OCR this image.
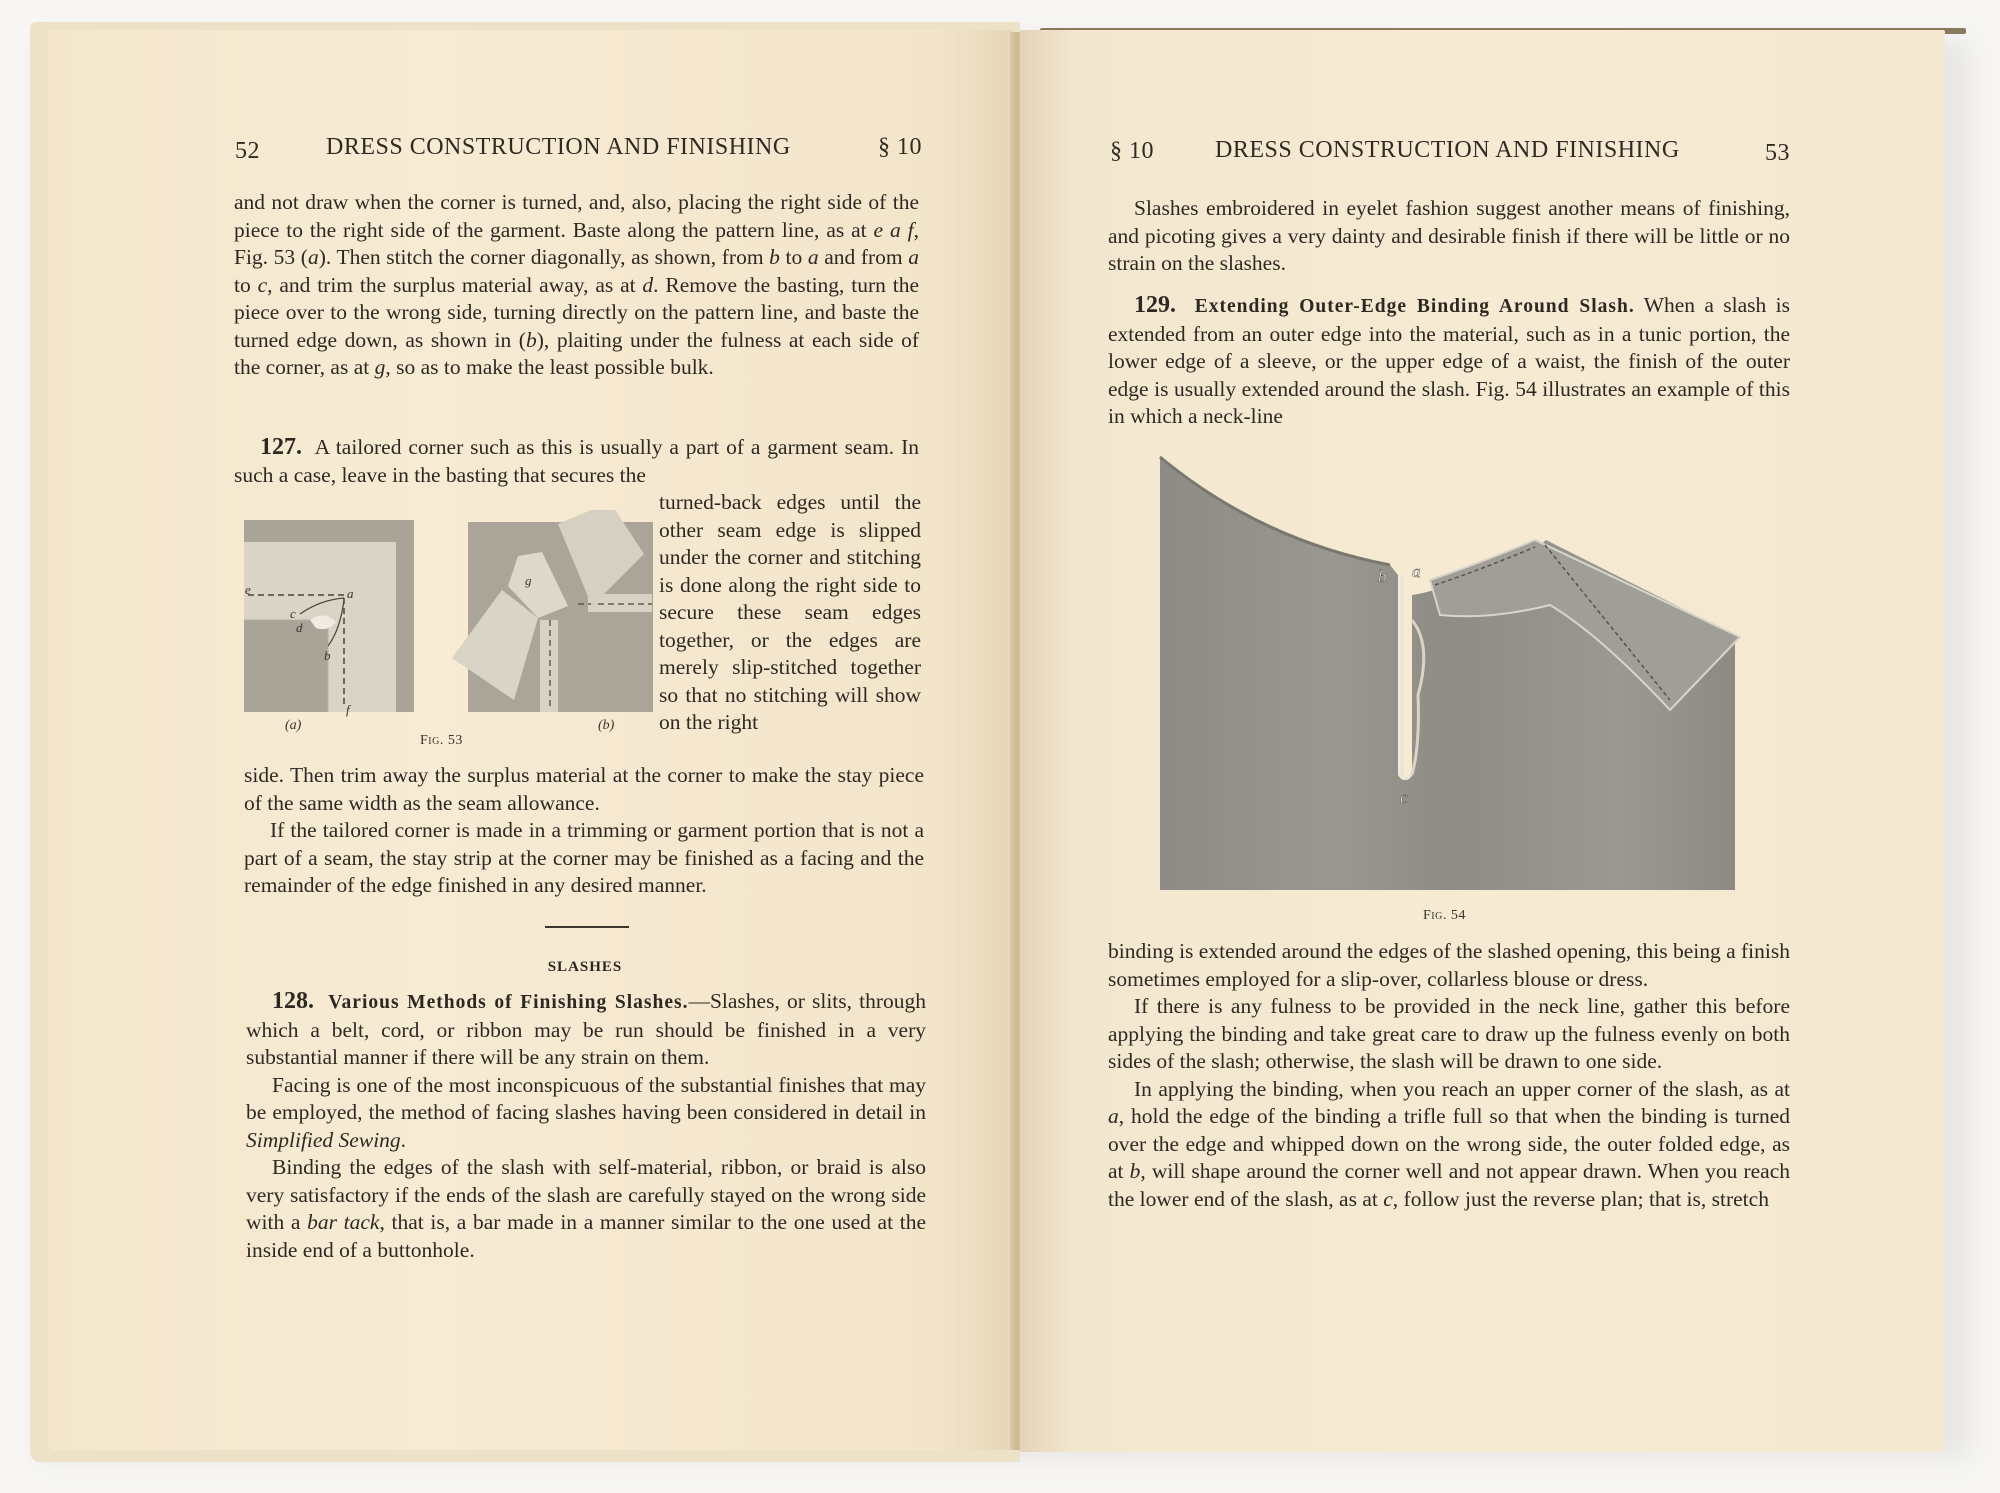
52	DRESS CONSTRUCTION AND FINISHING	§ 10

and not draw when the corner is turned, and, also, placing the right side of the piece to the right side of the garment. Baste along the pattern line, as at e a f, Fig. 53 (a). Then stitch the corner diagonally, as shown, from b to a and from a to c, and trim the surplus material away, as at d. Remove the basting, turn the piece over to the wrong side, turning directly on the pattern line, and baste the turned edge down, as shown in (b), plaiting under the fulness at each side of the corner, as at g, so as to make the least possible bulk.

127. A tailored corner such as this is usually a part of a garment seam. In such a case, leave in the basting that secures the

turned-back edges until the other seam edge is slipped under the corner and stitching is done along the right side to secure these seam edges together, or the edges are merely slip-stitched together so that no stitching will show on the right

e	a
c
d
b
f
g
(a)	(b)
Fig. 53

side. Then trim away the surplus material at the corner to make the stay piece of the same width as the seam allowance.

If the tailored corner is made in a trimming or garment portion that is not a part of a seam, the stay strip at the corner may be finished as a facing and the remainder of the edge finished in any desired manner.

SLASHES

128. Various Methods of Finishing Slashes.—Slashes, or slits, through which a belt, cord, or ribbon may be run should be finished in a very substantial manner if there will be any strain on them.

Facing is one of the most inconspicuous of the substantial finishes that may be employed, the method of facing slashes having been considered in detail in Simplified Sewing.

Binding the edges of the slash with self-material, ribbon, or braid is also very satisfactory if the ends of the slash are carefully stayed on the wrong side with a bar tack, that is, a bar made in a manner similar to the one used at the inside end of a buttonhole.

§ 10	DRESS CONSTRUCTION AND FINISHING	53

Slashes embroidered in eyelet fashion suggest another means of finishing, and picoting gives a very dainty and desirable finish if there will be little or no strain on the slashes.

129. Extending Outer-Edge Binding Around Slash. When a slash is extended from an outer edge into the material, such as in a tunic portion, the lower edge of a sleeve, or the upper edge of a waist, the finish of the outer edge is usually extended around the slash. Fig. 54 illustrates an example of this in which a neck-line

b a
c
Fig. 54

binding is extended around the edges of the slashed opening, this being a finish sometimes employed for a slip-over, collarless blouse or dress.

If there is any fulness to be provided in the neck line, gather this before applying the binding and take great care to draw up the fulness evenly on both sides of the slash; otherwise, the slash will be drawn to one side.

In applying the binding, when you reach an upper corner of the slash, as at a, hold the edge of the binding a trifle full so that when the binding is turned over the edge and whipped down on the wrong side, the outer folded edge, as at b, will shape around the corner well and not appear drawn. When you reach the lower end of the slash, as at c, follow just the reverse plan; that is, stretch
